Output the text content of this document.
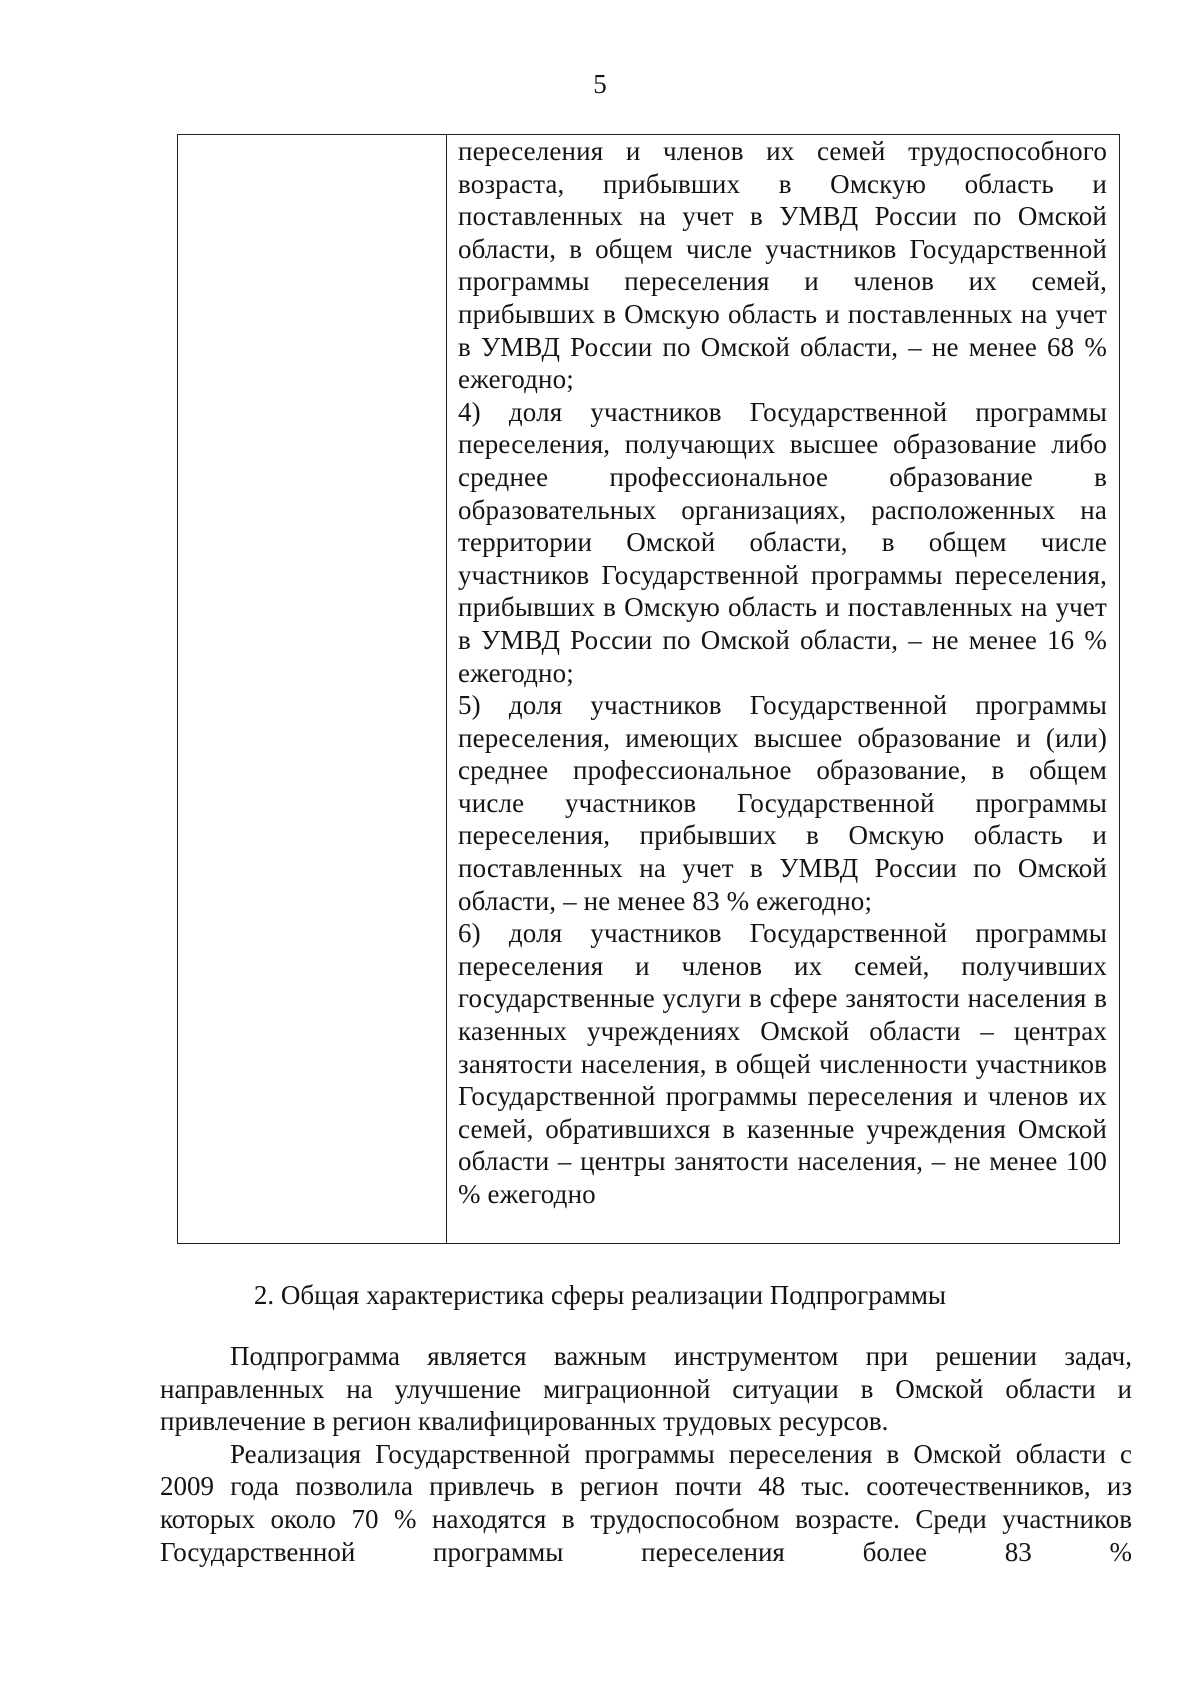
5

переселения и членов их семей трудоспособного возраста, прибывших в Омскую область и поставленных на учет в УМВД России по Омской области, в общем числе участников Государственной программы переселения и членов их семей, прибывших в Омскую область и поставленных на учет в УМВД России по Омской области, – не менее 68 % ежегодно;

4) доля участников Государственной программы переселения, получающих высшее образование либо среднее профессиональное образование в образовательных организациях, расположенных на территории Омской области, в общем числе участников Государственной программы переселения, прибывших в Омскую область и поставленных на учет в УМВД России по Омской области, – не менее 16 % ежегодно;

5) доля участников Государственной программы переселения, имеющих высшее образование и (или) среднее профессиональное образование, в общем числе участников Государственной программы переселения, прибывших в Омскую область и поставленных на учет в УМВД России по Омской области, – не менее 83 % ежегодно;

6) доля участников Государственной программы переселения и членов их семей, получивших государственные услуги в сфере занятости населения в казенных учреждениях Омской области – центрах занятости населения, в общей численности участников Государственной программы переселения и членов их семей, обратившихся в казенные учреждения Омской области – центры занятости населения, – не менее 100 % ежегодно

2. Общая характеристика сферы реализации Подпрограммы

Подпрограмма является важным инструментом при решении задач, направленных на улучшение миграционной ситуации в Омской области и привлечение в регион квалифицированных трудовых ресурсов.

Реализация Государственной программы переселения в Омской области с 2009 года позволила привлечь в регион почти 48 тыс. соотечественников, из которых около 70 % находятся в трудоспособном возрасте. Среди участников Государственной программы переселения более 83 %
